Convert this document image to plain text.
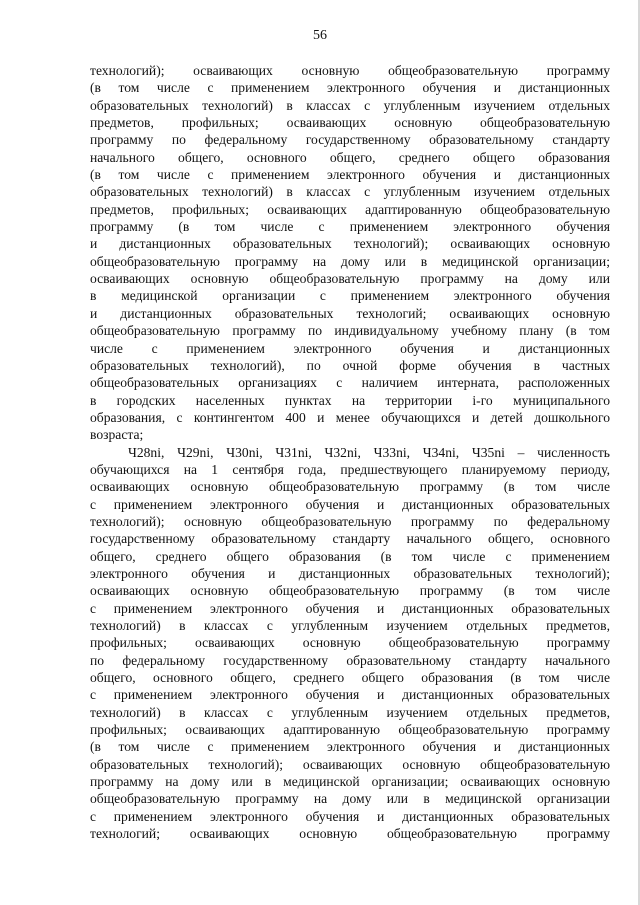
56
технологий); осваивающих основную общеобразовательную программу
(в том числе с применением электронного обучения и дистанционных
образовательных технологий) в классах с углубленным изучением отдельных
предметов, профильных; осваивающих основную общеобразовательную
программу по федеральному государственному образовательному стандарту
начального общего, основного общего, среднего общего образования
(в том числе с применением электронного обучения и дистанционных
образовательных технологий) в классах с углубленным изучением отдельных
предметов, профильных; осваивающих адаптированную общеобразовательную
программу (в том числе с применением электронного обучения
и дистанционных образовательных технологий); осваивающих основную
общеобразовательную программу на дому или в медицинской организации;
осваивающих основную общеобразовательную программу на дому или
в медицинской организации с применением электронного обучения
и дистанционных образовательных технологий; осваивающих основную
общеобразовательную программу по индивидуальному учебному плану (в том
числе с применением электронного обучения и дистанционных
образовательных технологий), по очной форме обучения в частных
общеобразовательных организациях с наличием интерната, расположенных
в городских населенных пунктах на территории i-го муниципального
образования, с контингентом 400 и менее обучающихся и детей дошкольного
возраста;
Ч28ni, Ч29ni, Ч30ni, Ч31ni, Ч32ni, Ч33ni, Ч34ni, Ч35ni – численность
обучающихся на 1 сентября года, предшествующего планируемому периоду,
осваивающих основную общеобразовательную программу (в том числе
с применением электронного обучения и дистанционных образовательных
технологий); основную общеобразовательную программу по федеральному
государственному образовательному стандарту начального общего, основного
общего, среднего общего образования (в том числе с применением
электронного обучения и дистанционных образовательных технологий);
осваивающих основную общеобразовательную программу (в том числе
с применением электронного обучения и дистанционных образовательных
технологий) в классах с углубленным изучением отдельных предметов,
профильных; осваивающих основную общеобразовательную программу
по федеральному государственному образовательному стандарту начального
общего, основного общего, среднего общего образования (в том числе
с применением электронного обучения и дистанционных образовательных
технологий) в классах с углубленным изучением отдельных предметов,
профильных; осваивающих адаптированную общеобразовательную программу
(в том числе с применением электронного обучения и дистанционных
образовательных технологий); осваивающих основную общеобразовательную
программу на дому или в медицинской организации; осваивающих основную
общеобразовательную программу на дому или в медицинской организации
с применением электронного обучения и дистанционных образовательных
технологий; осваивающих основную общеобразовательную программу
